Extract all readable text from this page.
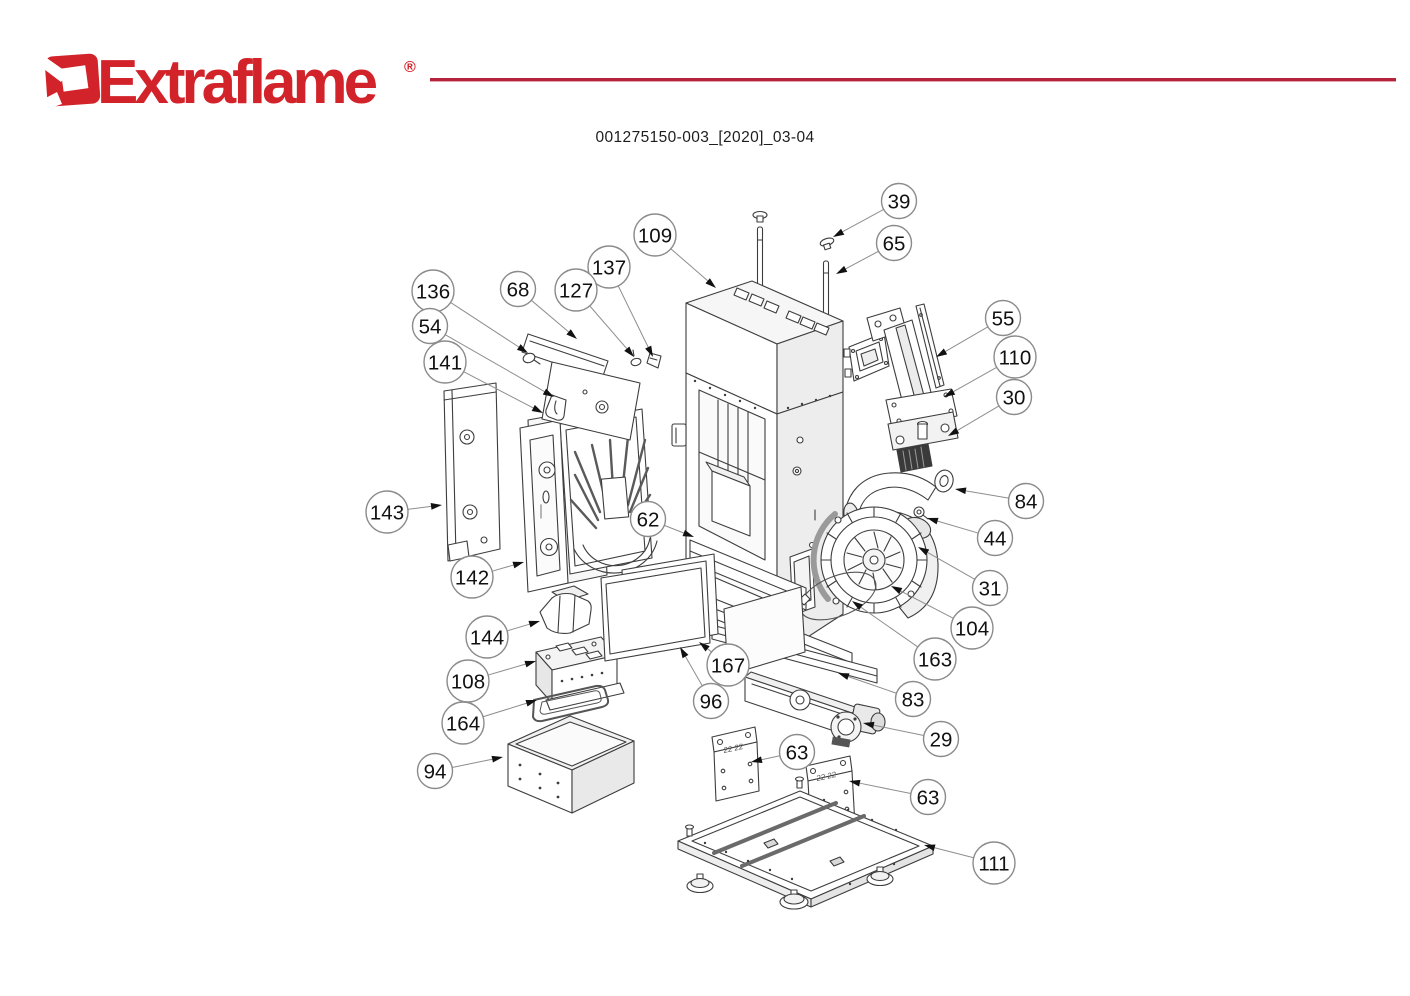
Extraflame ®
001275150-003_[2020]_03-04
22 22
22 22
39
65
109
137
127
68
136
54
141
55
110
30
84
44
31
104
163
83
29
63
63
111
143
142
62
144
108
164
94
96
167
